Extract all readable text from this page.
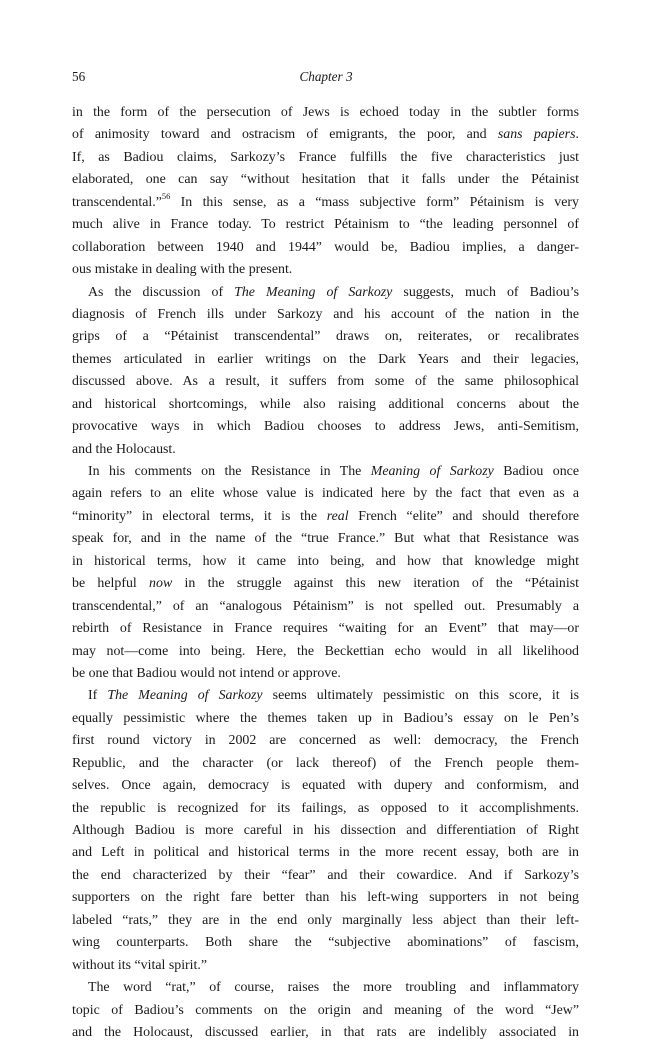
56	Chapter 3
in the form of the persecution of Jews is echoed today in the subtler forms
of animosity toward and ostracism of emigrants, the poor, and sans papiers.
If, as Badiou claims, Sarkozy’s France fulfills the five characteristics just
elaborated, one can say “without hesitation that it falls under the Pétainist
transcendental.”$^{56}$ In this sense, as a “mass subjective form” Pétainism is very
much alive in France today. To restrict Pétainism to “the leading personnel of
collaboration between 1940 and 1944” would be, Badiou implies, a danger-
ous mistake in dealing with the present.
As the discussion of The Meaning of Sarkozy suggests, much of Badiou’s
diagnosis of French ills under Sarkozy and his account of the nation in the
grips of a “Pétainist transcendental” draws on, reiterates, or recalibrates
themes articulated in earlier writings on the Dark Years and their legacies,
discussed above. As a result, it suffers from some of the same philosophical
and historical shortcomings, while also raising additional concerns about the
provocative ways in which Badiou chooses to address Jews, anti-Semitism,
and the Holocaust.
In his comments on the Resistance in The Meaning of Sarkozy Badiou once
again refers to an elite whose value is indicated here by the fact that even as a
“minority” in electoral terms, it is the real French “elite” and should therefore
speak for, and in the name of the “true France.” But what that Resistance was
in historical terms, how it came into being, and how that knowledge might
be helpful now in the struggle against this new iteration of the “Pétainist
transcendental,” of an “analogous Pétainism” is not spelled out. Presumably a
rebirth of Resistance in France requires “waiting for an Event” that may—or
may not—come into being. Here, the Beckettian echo would in all likelihood
be one that Badiou would not intend or approve.
If The Meaning of Sarkozy seems ultimately pessimistic on this score, it is
equally pessimistic where the themes taken up in Badiou’s essay on le Pen’s
first round victory in 2002 are concerned as well: democracy, the French
Republic, and the character (or lack thereof) of the French people them-
selves. Once again, democracy is equated with dupery and conformism, and
the republic is recognized for its failings, as opposed to it accomplishments.
Although Badiou is more careful in his dissection and differentiation of Right
and Left in political and historical terms in the more recent essay, both are in
the end characterized by their “fear” and their cowardice. And if Sarkozy’s
supporters on the right fare better than his left-wing supporters in not being
labeled “rats,” they are in the end only marginally less abject than their left-
wing counterparts. Both share the “subjective abominations” of fascism,
without its “vital spirit.”
The word “rat,” of course, raises the more troubling and inflammatory
topic of Badiou’s comments on the origin and meaning of the word “Jew”
and the Holocaust, discussed earlier, in that rats are indelibly associated in
